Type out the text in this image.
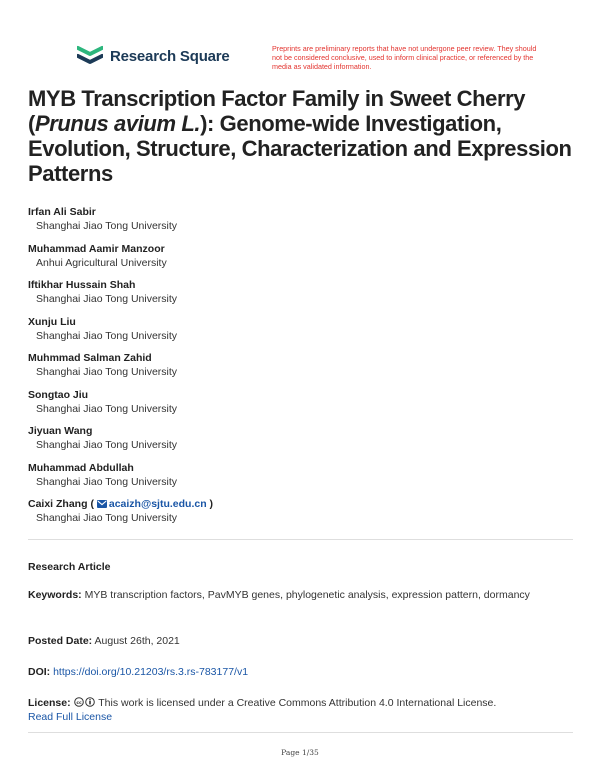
Research Square	Preprints are preliminary reports that have not undergone peer review. They should not be considered conclusive, used to inform clinical practice, or referenced by the media as validated information.
MYB Transcription Factor Family in Sweet Cherry (Prunus avium L.): Genome-wide Investigation, Evolution, Structure, Characterization and Expression Patterns
Irfan Ali Sabir
Shanghai Jiao Tong University
Muhammad Aamir Manzoor
Anhui Agricultural University
Iftikhar Hussain Shah
Shanghai Jiao Tong University
Xunju Liu
Shanghai Jiao Tong University
Muhmmad Salman Zahid
Shanghai Jiao Tong University
Songtao Jiu
Shanghai Jiao Tong University
Jiyuan Wang
Shanghai Jiao Tong University
Muhammad Abdullah
Shanghai Jiao Tong University
Caixi Zhang ( acaizh@sjtu.edu.cn )
Shanghai Jiao Tong University
Research Article
Keywords: MYB transcription factors, PavMYB genes, phylogenetic analysis, expression pattern, dormancy
Posted Date: August 26th, 2021
DOI: https://doi.org/10.21203/rs.3.rs-783177/v1
License: cc This work is licensed under a Creative Commons Attribution 4.0 International License.
Read Full License
Page 1/35
